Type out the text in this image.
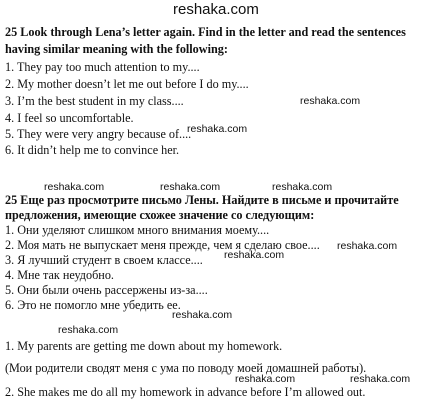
reshaka.com
25 Look through Lena’s letter again. Find in the letter and read the sentences
having similar meaning with the following:
1. They pay too much attention to my....
2. My mother doesn’t let me out before I do my....
3. I’m the best student in my class....
4. I feel so uncomfortable.
5. They were very angry because of....
6. It didn’t help me to convince her.
reshaka.com
reshaka.com
reshaka.com	reshaka.com	reshaka.com
25 Еще раз просмотрите письмо Лены. Найдите в письме и прочитайте
предложения, имеющие схожее значение со следующим:
1. Они уделяют слишком много внимания моему....
2. Моя мать не выпускает меня прежде, чем я сделаю свое....
3. Я лучший студент в своем классе....
4. Мне так неудобно.
5. Они были очень рассержены из-за....
6. Это не помогло мне убедить ее.
reshaka.com
reshaka.com
reshaka.com
reshaka.com
1. My parents are getting me down about my homework.
(Мои родители сводят меня с ума по поводу моей домашней работы).
reshaka.com	reshaka.com
2. She makes me do all my homework in advance before I’m allowed out.
